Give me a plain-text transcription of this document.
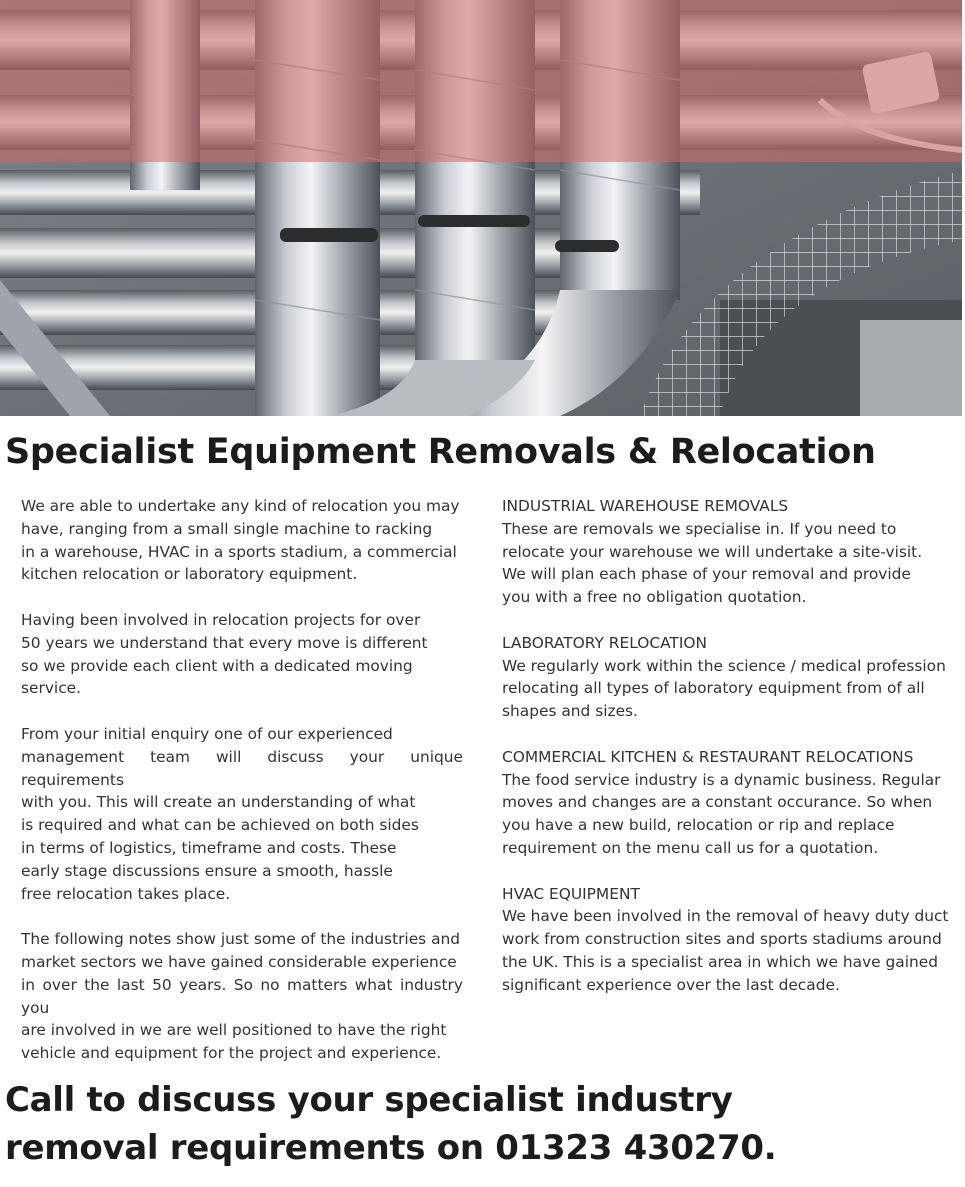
Specialist Equipment Removals & Relocation

We are able to undertake any kind of relocation you may
have, ranging from a small single machine to racking
in a warehouse, HVAC in a sports stadium, a commercial
kitchen relocation or laboratory equipment.

Having been involved in relocation projects for over
50 years we understand that every move is different
so we provide each client with a dedicated moving
service.

From your initial enquiry one of our experienced
management team will discuss your unique requirements
with you. This will create an understanding of what
is required and what can be achieved on both sides
in terms of logistics, timeframe and costs. These
early stage discussions ensure a smooth, hassle
free relocation takes place.

The following notes show just some of the industries and
market sectors we have gained considerable experience
in over the last 50 years. So no matters what industry you
are involved in we are well positioned to have the right
vehicle and equipment for the project and experience.

INDUSTRIAL WAREHOUSE REMOVALS
These are removals we specialise in. If you need to
relocate your warehouse we will undertake a site-visit.
We will plan each phase of your removal and provide
you with a free no obligation quotation.

LABORATORY RELOCATION
We regularly work within the science / medical profession
relocating all types of laboratory equipment from of all
shapes and sizes.

COMMERCIAL KITCHEN & RESTAURANT RELOCATIONS
The food service industry is a dynamic business. Regular
moves and changes are a constant occurance. So when
you have a new build, relocation or rip and replace
requirement on the menu call us for a quotation.

HVAC EQUIPMENT
We have been involved in the removal of heavy duty duct
work from construction sites and sports stadiums around
the UK. This is a specialist area in which we have gained
significant experience over the last decade.

Call to discuss your specialist industry
removal requirements on 01323 430270.
